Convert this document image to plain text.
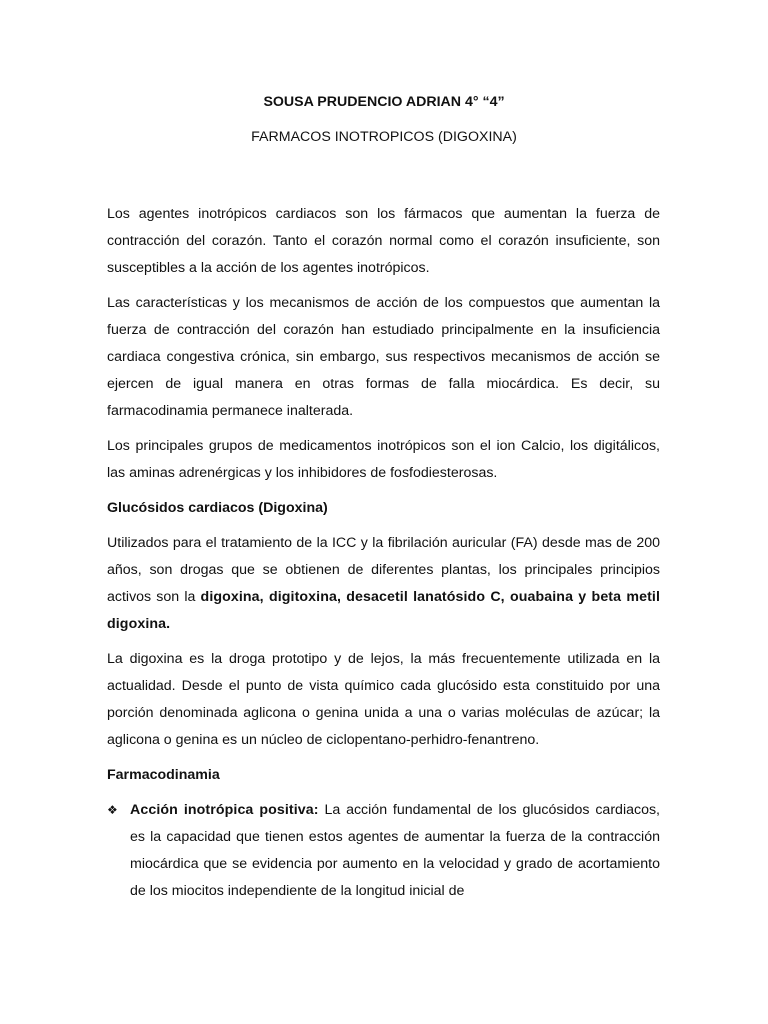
SOUSA PRUDENCIO ADRIAN 4° “4”
FARMACOS INOTROPICOS (DIGOXINA)

Los agentes inotrópicos cardiacos son los fármacos que aumentan la fuerza de contracción del corazón. Tanto el corazón normal como el corazón insuficiente, son susceptibles a la acción de los agentes inotrópicos.

Las características y los mecanismos de acción de los compuestos que aumentan la fuerza de contracción del corazón han estudiado principalmente en la insuficiencia cardiaca congestiva crónica, sin embargo, sus respectivos mecanismos de acción se ejercen de igual manera en otras formas de falla miocárdica. Es decir, su farmacodinamia permanece inalterada.

Los principales grupos de medicamentos inotrópicos son el ion Calcio, los digitálicos, las aminas adrenérgicas y los inhibidores de fosfodiesterosas.

Glucósidos cardiacos (Digoxina)

Utilizados para el tratamiento de la ICC y la fibrilación auricular (FA) desde mas de 200 años, son drogas que se obtienen de diferentes plantas, los principales principios activos son la digoxina, digitoxina, desacetil lanatósido C, ouabaina y beta metil digoxina.

La digoxina es la droga prototipo y de lejos, la más frecuentemente utilizada en la actualidad. Desde el punto de vista químico cada glucósido esta constituido por una porción denominada aglicona o genina unida a una o varias moléculas de azúcar; la aglicona o genina es un núcleo de ciclopentano-perhidro-fenantreno.

Farmacodinamia
❖ Acción inotrópica positiva: La acción fundamental de los glucósidos cardiacos, es la capacidad que tienen estos agentes de aumentar la fuerza de la contracción miocárdica que se evidencia por aumento en la velocidad y grado de acortamiento de los miocitos independiente de la longitud inicial de
